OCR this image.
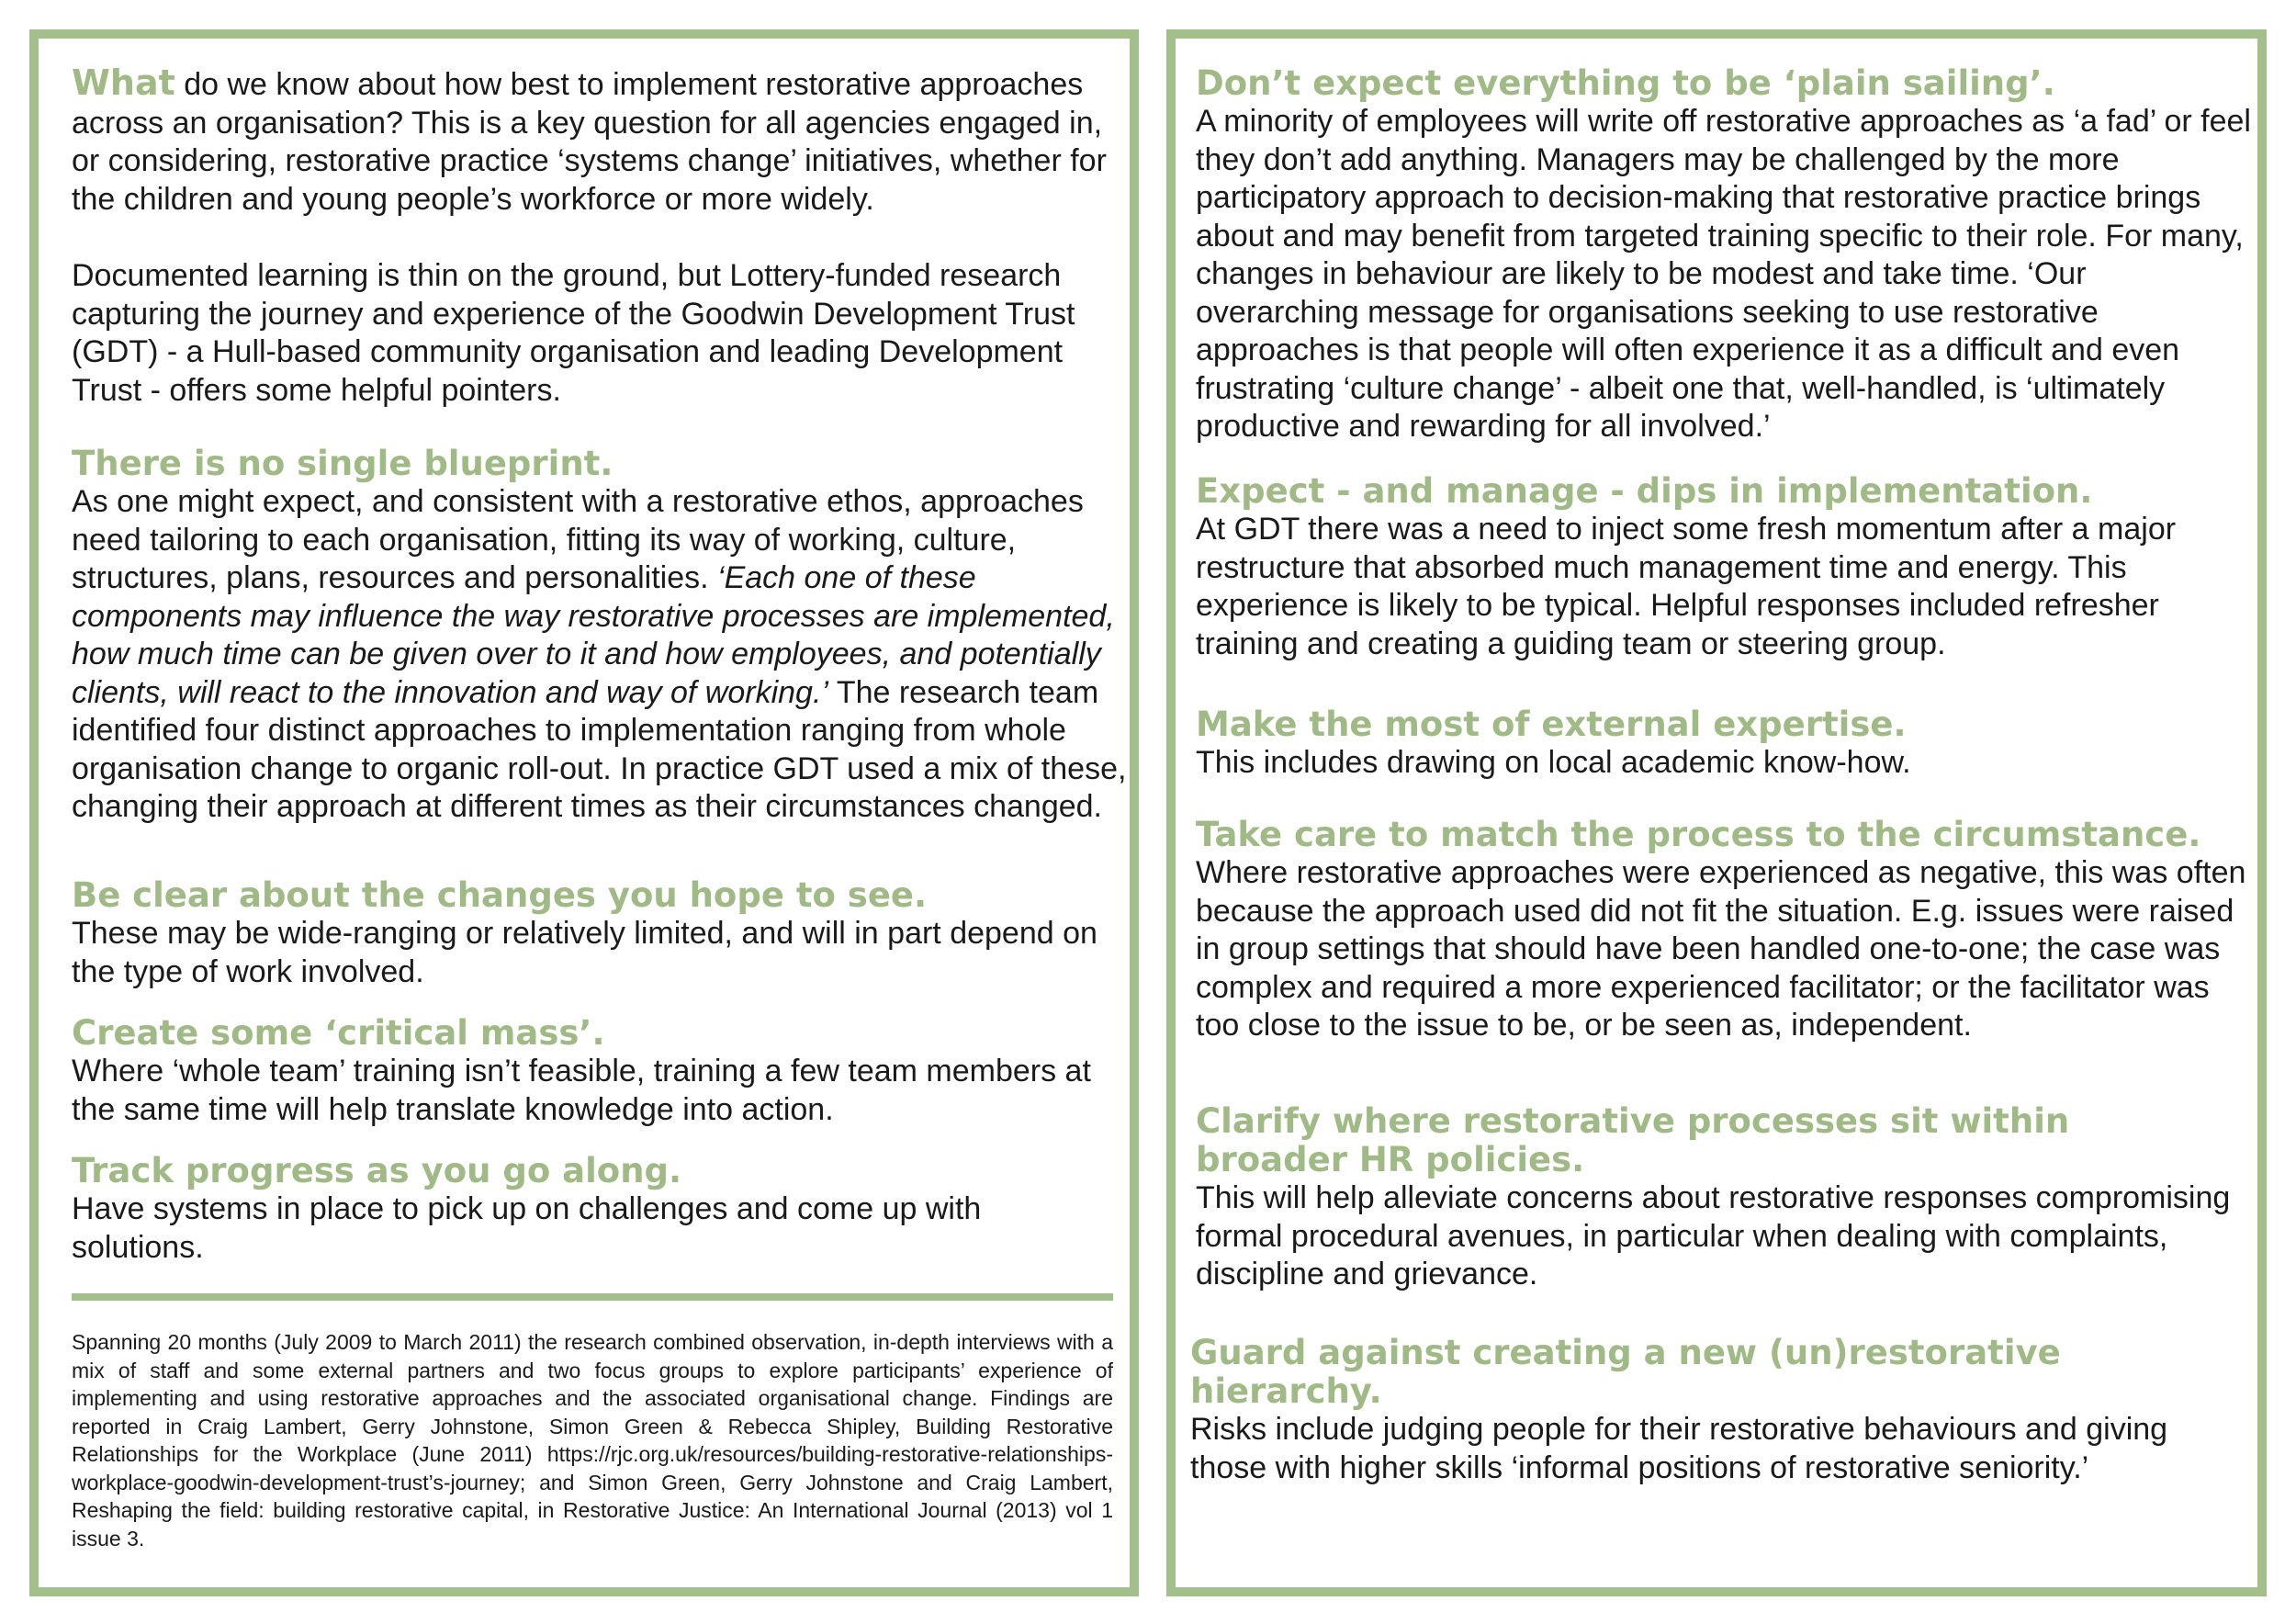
What do we know about how best to implement restorative approaches across an organisation? This is a key question for all agencies engaged in, or considering, restorative practice ‘systems change’ initiatives, whether for the children and young people’s workforce or more widely.

Documented learning is thin on the ground, but Lottery-funded research capturing the journey and experience of the Goodwin Development Trust (GDT) - a Hull-based community organisation and leading Development Trust - offers some helpful pointers.

There is no single blueprint.

As one might expect, and consistent with a restorative ethos, approaches need tailoring to each organisation, fitting its way of working, culture, structures, plans, resources and personalities. ‘Each one of these components may influence the way restorative processes are implemented, how much time can be given over to it and how employees, and potentially clients, will react to the innovation and way of working.’ The research team identified four distinct approaches to implementation ranging from whole organisation change to organic roll-out. In practice GDT used a mix of these, changing their approach at different times as their circumstances changed.

Be clear about the changes you hope to see.

These may be wide-ranging or relatively limited, and will in part depend on the type of work involved.

Create some ‘critical mass’.

Where ‘whole team’ training isn’t feasible, training a few team members at the same time will help translate knowledge into action.

Track progress as you go along.

Have systems in place to pick up on challenges and come up with solutions.

Spanning 20 months (July 2009 to March 2011) the research combined observation, in-depth interviews with a mix of staff and some external partners and two focus groups to explore participants’ experience of implementing and using restorative approaches and the associated organisational change. Findings are reported in Craig Lambert, Gerry Johnstone, Simon Green & Rebecca Shipley, Building Restorative Relationships for the Workplace (June 2011) https://rjc.org.uk/resources/building-restorative-relationships-workplace-goodwin-development-trust’s-journey; and Simon Green, Gerry Johnstone and Craig Lambert, Reshaping the field: building restorative capital, in Restorative Justice: An International Journal (2013) vol 1 issue 3.

Don’t expect everything to be ‘plain sailing’.

A minority of employees will write off restorative approaches as ‘a fad’ or feel they don’t add anything. Managers may be challenged by the more participatory approach to decision-making that restorative practice brings about and may benefit from targeted training specific to their role. For many, changes in behaviour are likely to be modest and take time. ‘Our overarching message for organisations seeking to use restorative approaches is that people will often experience it as a difficult and even frustrating ‘culture change’ - albeit one that, well-handled, is ‘ultimately productive and rewarding for all involved.’

Expect - and manage - dips in implementation.

At GDT there was a need to inject some fresh momentum after a major restructure that absorbed much management time and energy. This experience is likely to be typical. Helpful responses included refresher training and creating a guiding team or steering group.

Make the most of external expertise.

This includes drawing on local academic know-how.

Take care to match the process to the circumstance.

Where restorative approaches were experienced as negative, this was often because the approach used did not fit the situation. E.g. issues were raised in group settings that should have been handled one-to-one; the case was complex and required a more experienced facilitator; or the facilitator was too close to the issue to be, or be seen as, independent.

Clarify where restorative processes sit within broader HR policies.

This will help alleviate concerns about restorative responses compromising formal procedural avenues, in particular when dealing with complaints, discipline and grievance.

Guard against creating a new (un)restorative hierarchy.

Risks include judging people for their restorative behaviours and giving those with higher skills ‘informal positions of restorative seniority.’
